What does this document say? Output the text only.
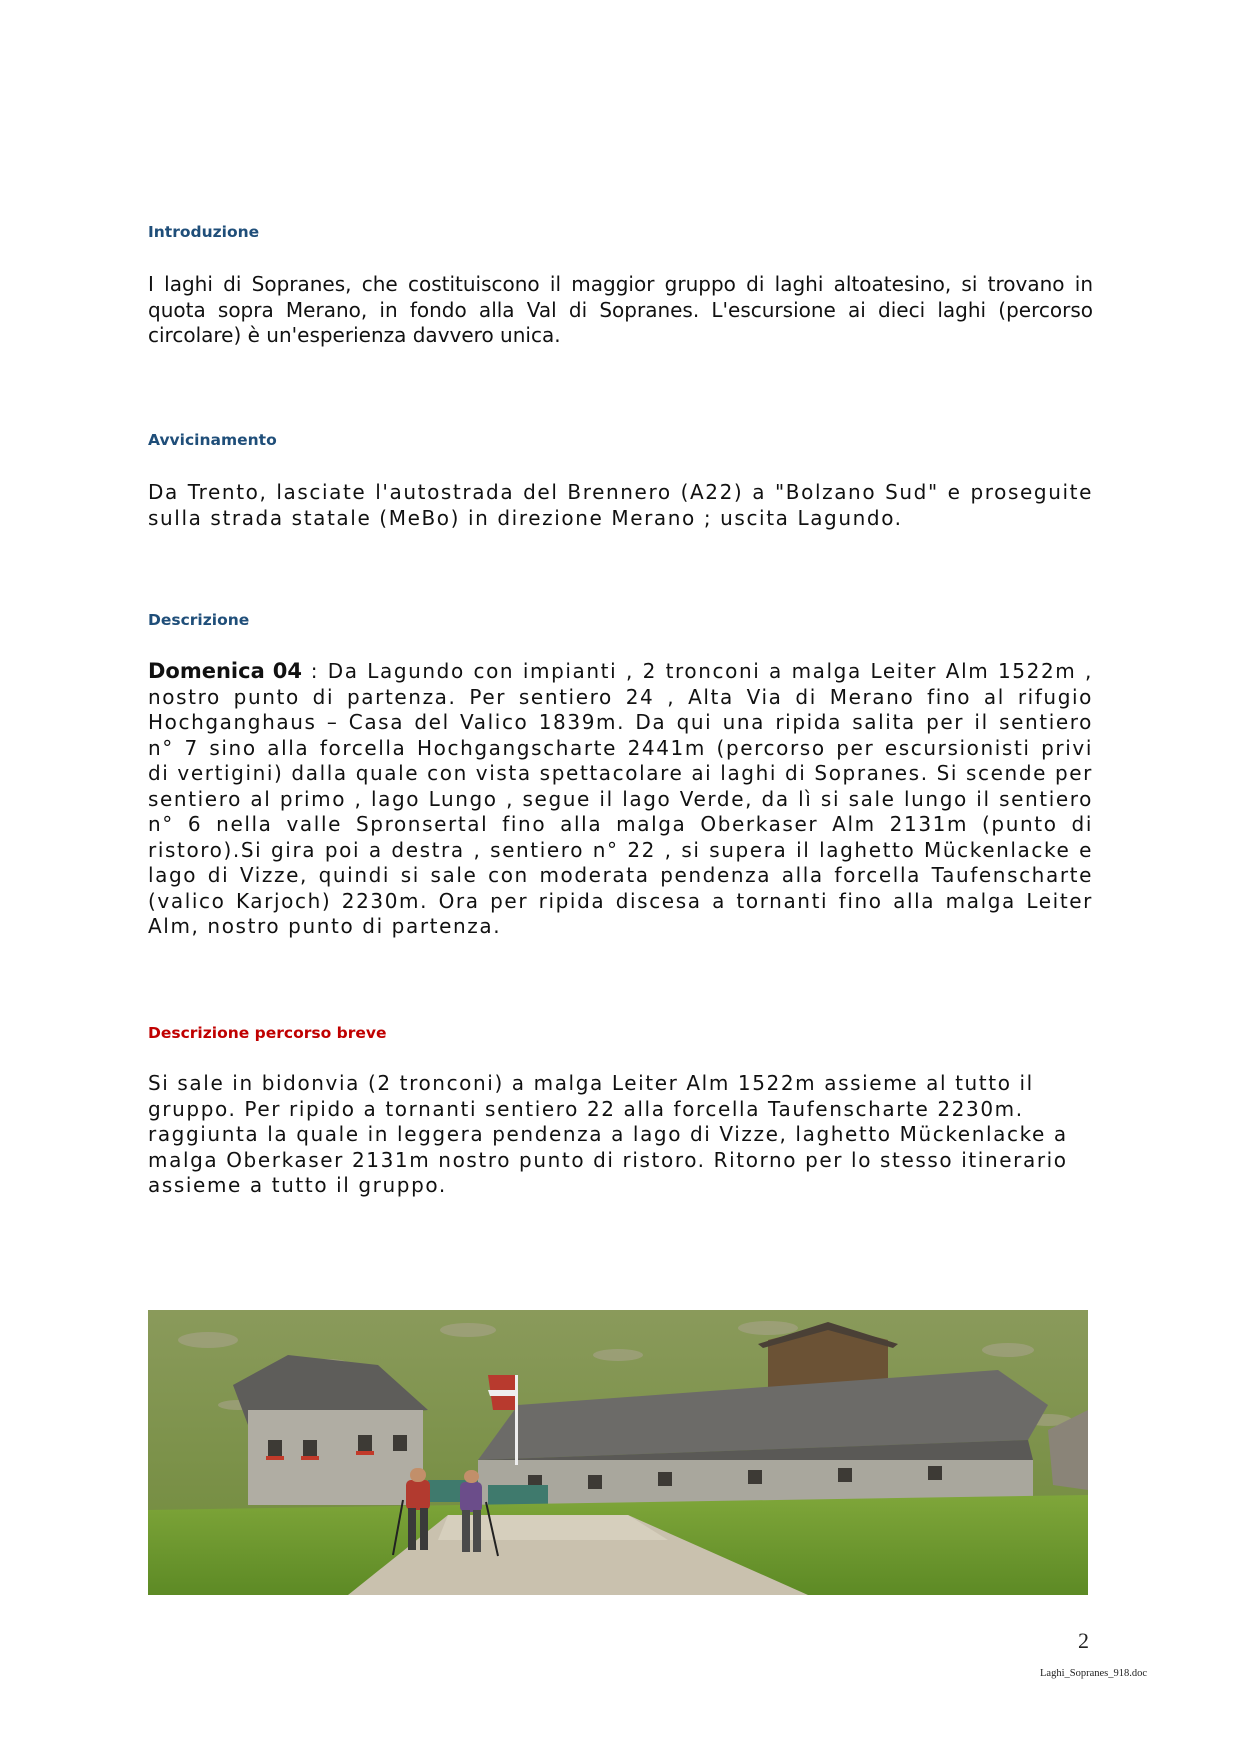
Introduzione

I laghi di Sopranes, che costituiscono il maggior gruppo di laghi altoatesino, si trovano in quota sopra Merano, in fondo alla Val di Sopranes. L'escursione ai dieci laghi (percorso circolare) è un'esperienza davvero unica.

Avvicinamento

Da Trento, lasciate l'autostrada del Brennero (A22) a "Bolzano Sud" e proseguite sulla strada statale (MeBo) in direzione Merano ; uscita Lagundo.

Descrizione

Domenica 04 : Da Lagundo con impianti , 2 tronconi a malga Leiter Alm 1522m , nostro punto di partenza. Per sentiero 24 , Alta Via di Merano fino al rifugio Hochganghaus – Casa del Valico 1839m. Da qui una ripida salita per il sentiero n° 7 sino alla forcella Hochgangscharte 2441m (percorso per escursionisti privi di vertigini) dalla quale con vista spettacolare ai laghi di Sopranes. Si scende per sentiero al primo , lago Lungo , segue il lago Verde, da lì si sale lungo il sentiero n° 6 nella valle Spronsertal fino alla malga Oberkaser Alm 2131m (punto di ristoro).Si gira poi a destra , sentiero n° 22 , si supera il laghetto Mückenlacke e lago di Vizze, quindi si sale con moderata pendenza alla forcella Taufenscharte (valico Karjoch) 2230m. Ora per ripida discesa a tornanti fino alla malga Leiter Alm, nostro punto di partenza.

Descrizione percorso breve

Si sale in bidonvia (2 tronconi) a malga Leiter Alm 1522m assieme al tutto il gruppo. Per ripido a tornanti sentiero 22 alla forcella Taufenscharte 2230m. raggiunta la quale in leggera pendenza a lago di Vizze, laghetto Mückenlacke a malga Oberkaser 2131m nostro punto di ristoro. Ritorno per lo stesso itinerario assieme a tutto il gruppo.

2
Laghi_Sopranes_918.doc
